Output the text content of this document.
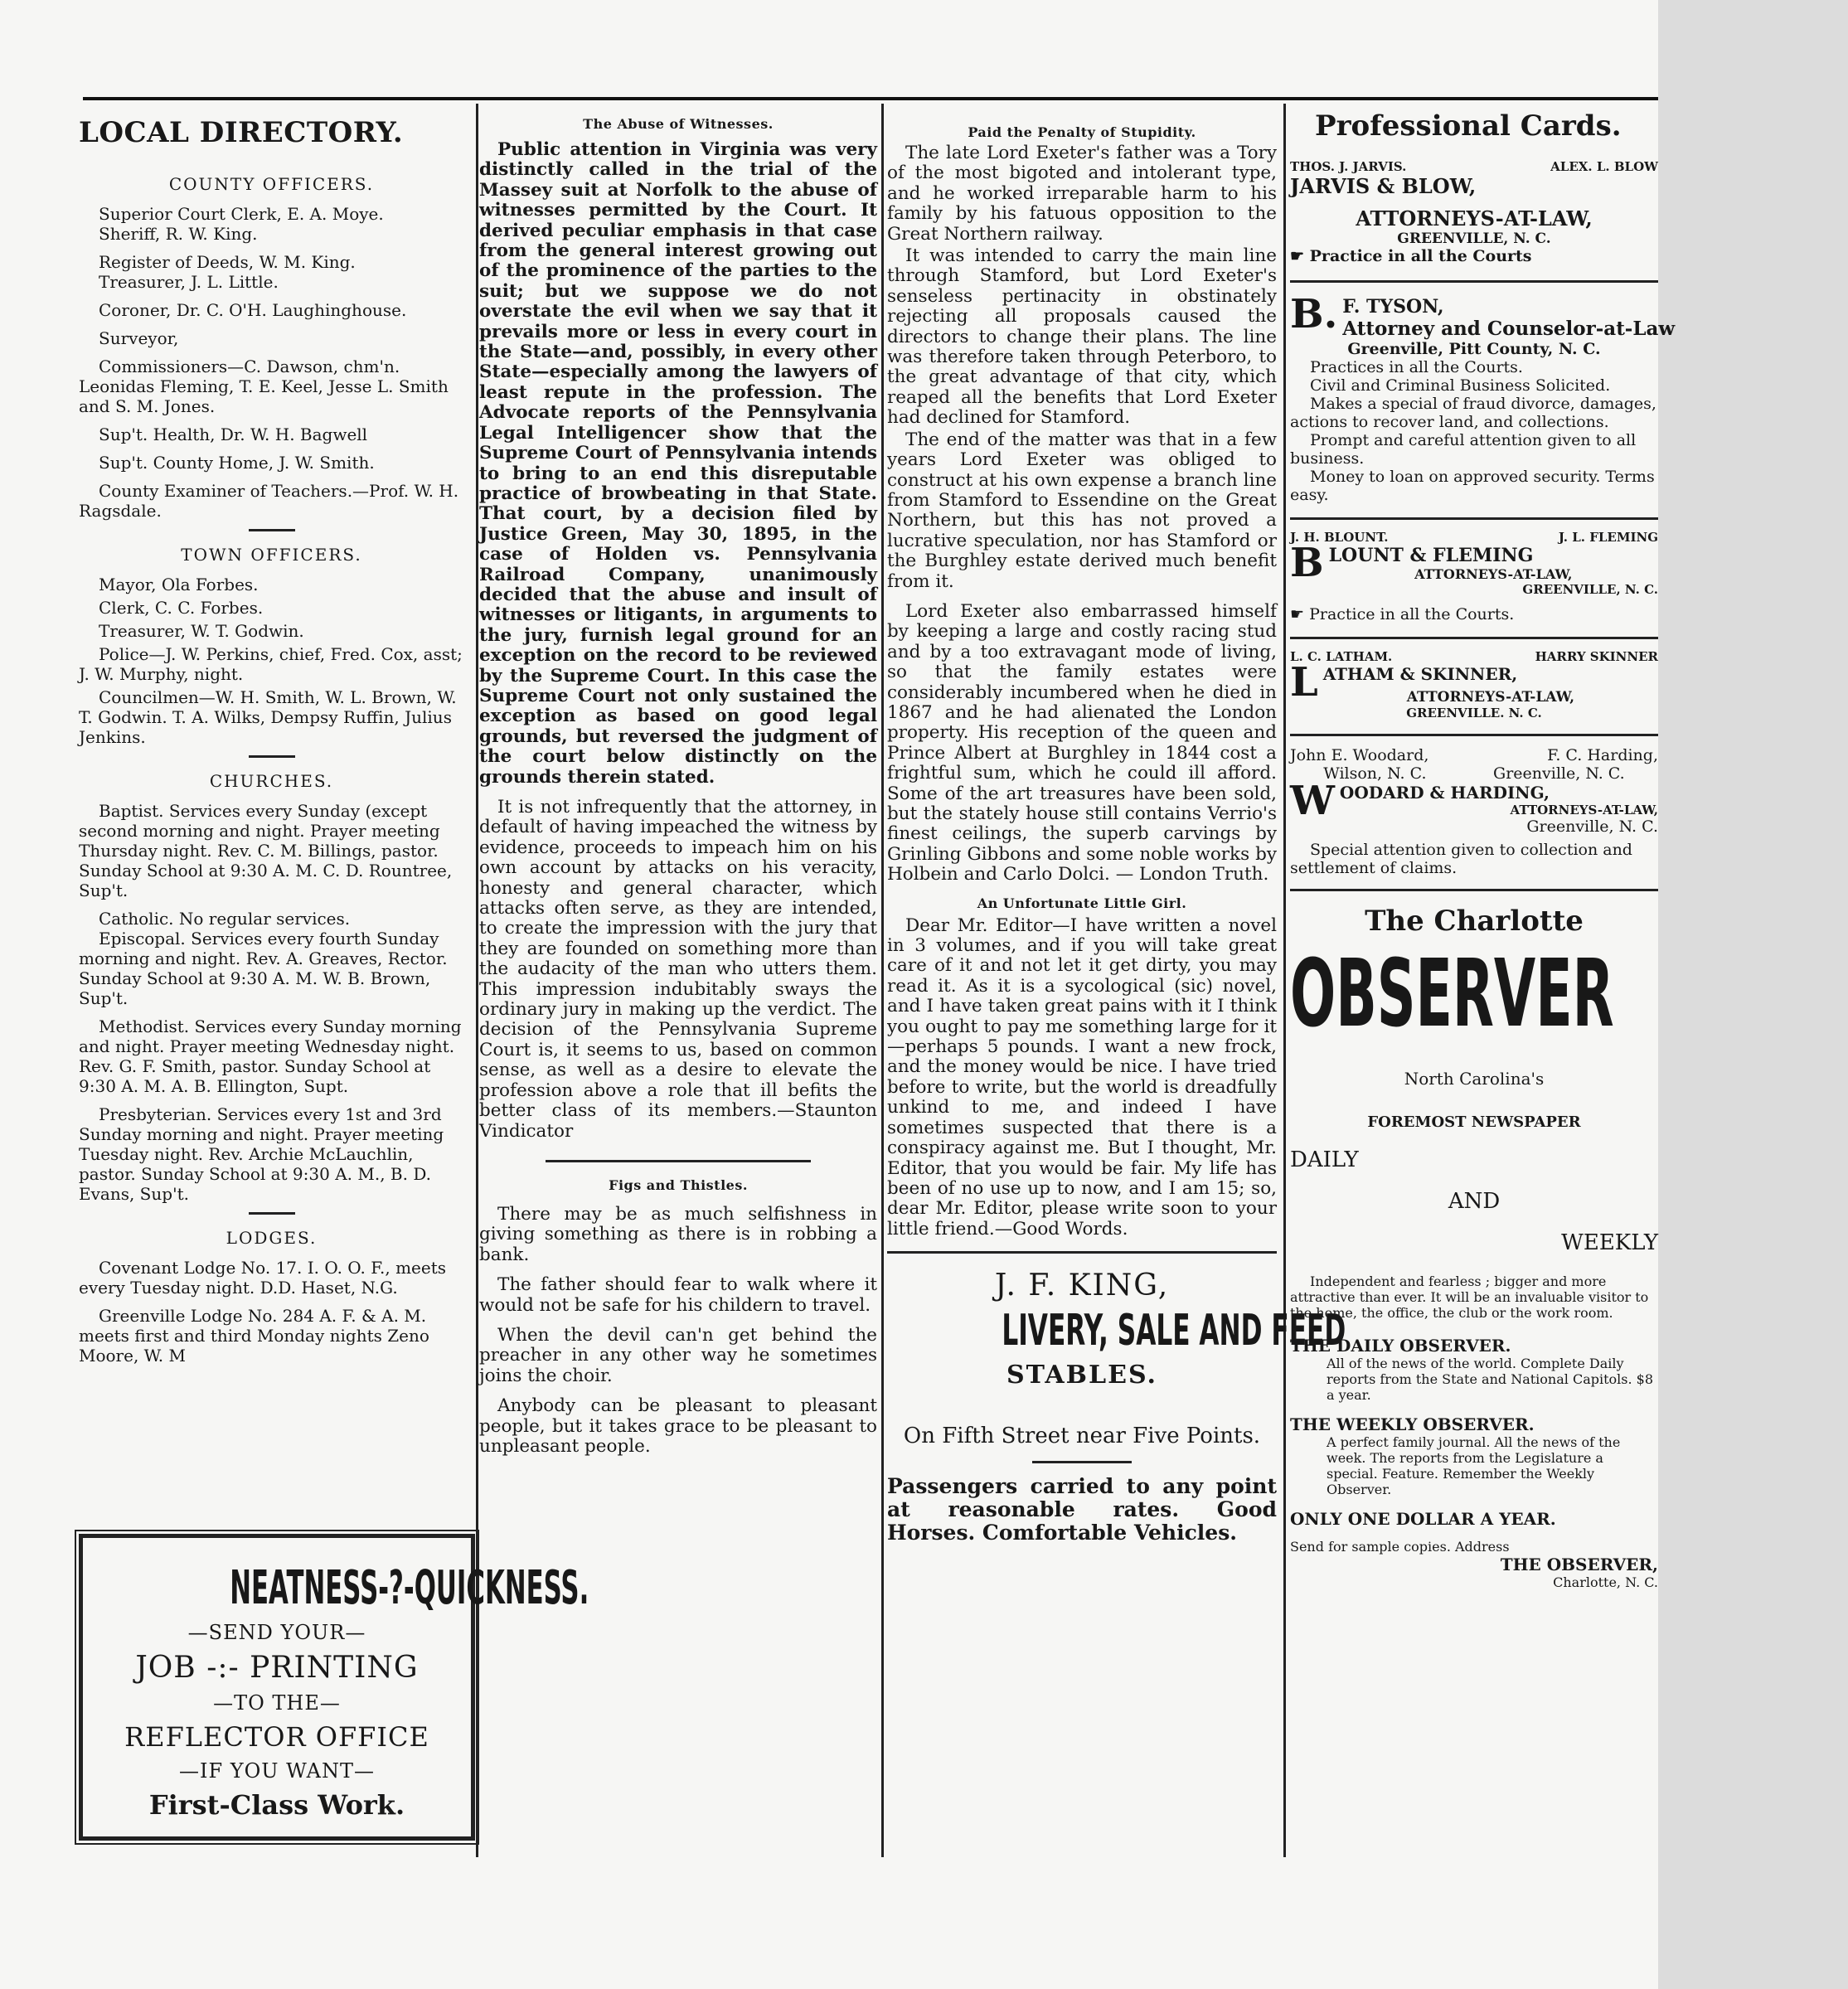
LOCAL DIRECTORY.
COUNTY OFFICERS.

Superior Court Clerk, E. A. Moye.

Sheriff, R. W. King.

Register of Deeds, W. M. King.

Treasurer, J. L. Little.

Coroner, Dr. C. O'H. Laughinghouse.

Surveyor,

Commissioners—C. Dawson, chm'n. Leonidas Fleming, T. E. Keel, Jesse L. Smith and S. M. Jones.

Sup't. Health, Dr. W. H. Bagwell

Sup't. County Home, J. W. Smith.

County Examiner of Teachers.—Prof. W. H. Ragsdale.

TOWN OFFICERS.

Mayor, Ola Forbes.

Clerk, C. C. Forbes.

Treasurer, W. T. Godwin.

Police—J. W. Perkins, chief, Fred. Cox, asst; J. W. Murphy, night.

Councilmen—W. H. Smith, W. L. Brown, W. T. Godwin. T. A. Wilks, Dempsy Ruffin, Julius Jenkins.

CHURCHES.

Baptist. Services every Sunday (except second morning and night. Prayer meeting Thursday night. Rev. C. M. Billings, pastor. Sunday School at 9:30 A. M. C. D. Rountree, Sup't.

Catholic. No regular services.

Episcopal. Services every fourth Sunday morning and night. Rev. A. Greaves, Rector. Sunday School at 9:30 A. M. W. B. Brown, Sup't.

Methodist. Services every Sunday morning and night. Prayer meeting Wednesday night. Rev. G. F. Smith, pastor. Sunday School at 9:30 A. M. A. B. Ellington, Supt.

Presbyterian. Services every 1st and 3rd Sunday morning and night. Prayer meeting Tuesday night. Rev. Archie McLauchlin, pastor. Sunday School at 9:30 A. M., B. D. Evans, Sup't.

LODGES.

Covenant Lodge No. 17. I. O. O. F., meets every Tuesday night. D.D. Haset, N.G.

Greenville Lodge No. 284 A. F. & A. M. meets first and third Monday nights Zeno Moore, W. M

NEATNESS-?-QUICKNESS.
—SEND YOUR—
JOB -:- PRINTING
—TO THE—
REFLECTOR OFFICE
—IF YOU WANT—
First-Class Work.
The Abuse of Witnesses.

Public attention in Virginia was very distinctly called in the trial of the Massey suit at Norfolk to the abuse of witnesses permitted by the Court. It derived peculiar emphasis in that case from the general interest growing out of the prominence of the parties to the suit; but we suppose we do not overstate the evil when we say that it prevails more or less in every court in the State—and, possibly, in every other State—especially among the lawyers of least repute in the profession. The Advocate reports of the Pennsylvania Legal Intelligencer show that the Supreme Court of Pennsylvania intends to bring to an end this disreputable practice of browbeating in that State. That court, by a decision filed by Justice Green, May 30, 1895, in the case of Holden vs. Pennsylvania Railroad Company, unanimously decided that the abuse and insult of witnesses or litigants, in arguments to the jury, furnish legal ground for an exception on the record to be reviewed by the Supreme Court. In this case the Supreme Court not only sustained the exception as based on good legal grounds, but reversed the judgment of the court below distinctly on the grounds therein stated.

It is not infrequently that the attorney, in default of having impeached the witness by evidence, proceeds to impeach him on his own account by attacks on his veracity, honesty and general character, which attacks often serve, as they are intended, to create the impression with the jury that they are founded on something more than the audacity of the man who utters them. This impression indubitably sways the ordinary jury in making up the verdict. The decision of the Pennsylvania Supreme Court is, it seems to us, based on common sense, as well as a desire to elevate the profession above a role that ill befits the better class of its members.—Staunton Vindicator

Figs and Thistles.

There may be as much selfishness in giving something as there is in robbing a bank.

The father should fear to walk where it would not be safe for his childern to travel.

When the devil can'n get behind the preacher in any other way he sometimes joins the choir.

Anybody can be pleasant to pleasant people, but it takes grace to be pleasant to unpleasant people.

Paid the Penalty of Stupidity.

The late Lord Exeter's father was a Tory of the most bigoted and intolerant type, and he worked irreparable harm to his family by his fatuous opposition to the Great Northern railway.

It was intended to carry the main line through Stamford, but Lord Exeter's senseless pertinacity in obstinately rejecting all proposals caused the directors to change their plans. The line was therefore taken through Peterboro, to the great advantage of that city, which reaped all the benefits that Lord Exeter had declined for Stamford.

The end of the matter was that in a few years Lord Exeter was obliged to construct at his own expense a branch line from Stamford to Essendine on the Great Northern, but this has not proved a lucrative speculation, nor has Stamford or the Burghley estate derived much benefit from it.

Lord Exeter also embarrassed himself by keeping a large and costly racing stud and by a too extravagant mode of living, so that the family estates were considerably incumbered when he died in 1867 and he had alienated the London property. His reception of the queen and Prince Albert at Burghley in 1844 cost a frightful sum, which he could ill afford. Some of the art treasures have been sold, but the stately house still contains Verrio's finest ceilings, the superb carvings by Grinling Gibbons and some noble works by Holbein and Carlo Dolci. — London Truth.

An Unfortunate Little Girl.

Dear Mr. Editor—I have written a novel in 3 volumes, and if you will take great care of it and not let it get dirty, you may read it. As it is a sycological (sic) novel, and I have taken great pains with it I think you ought to pay me something large for it—perhaps 5 pounds. I want a new frock, and the money would be nice. I have tried before to write, but the world is dreadfully unkind to me, and indeed I have sometimes suspected that there is a conspiracy against me. But I thought, Mr. Editor, that you would be fair. My life has been of no use up to now, and I am 15; so, dear Mr. Editor, please write soon to your little friend.—Good Words.

J. F. KING,
LIVERY, SALE AND FEED
STABLES.
On Fifth Street near Five Points.
Passengers carried to any point at reasonable rates. Good Horses. Comfortable Vehicles.
Professional Cards.
THOS. J. JARVIS.	ALEX. L. BLOW
JARVIS & BLOW,
ATTORNEYS-AT-LAW,
GREENVILLE, N. C.
☛ Practice in all the Courts
B. F. TYSON,
Attorney and Counselor-at-Law
Greenville, Pitt County, N. C.
Practices in all the Courts.
Civil and Criminal Business Solicited.
Makes a special of fraud divorce, damages, actions to recover land, and collections.
Prompt and careful attention given to all business.
Money to loan on approved security. Terms easy.
J. H. BLOUNT.	J. L. FLEMING
B LOUNT & FLEMING
ATTORNEYS-AT-LAW,
GREENVILLE, N. C.
☛ Practice in all the Courts.
L. C. LATHAM.	HARRY SKINNER
L ATHAM & SKINNER,
ATTORNEYS-AT-LAW,
GREENVILLE. N. C.
John E. Woodard,	F. C. Harding,
Wilson, N. C.	Greenville, N. C.
W OODARD & HARDING,
ATTORNEYS-AT-LAW,
Greenville, N. C.
Special attention given to collection and settlement of claims.
The Charlotte
OBSERVER
North Carolina's
FOREMOST NEWSPAPER
DAILY
AND
WEEKLY
Independent and fearless ; bigger and more attractive than ever. It will be an invaluable visitor to the home, the office, the club or the work room.
THE DAILY OBSERVER.
All of the news of the world. Complete Daily reports from the State and National Capitols. $8 a year.
THE WEEKLY OBSERVER.
A perfect family journal. All the news of the week. The reports from the Legislature a special. Feature. Remember the Weekly Observer.
ONLY ONE DOLLAR A YEAR.
Send for sample copies. Address
THE OBSERVER,
Charlotte, N. C.
